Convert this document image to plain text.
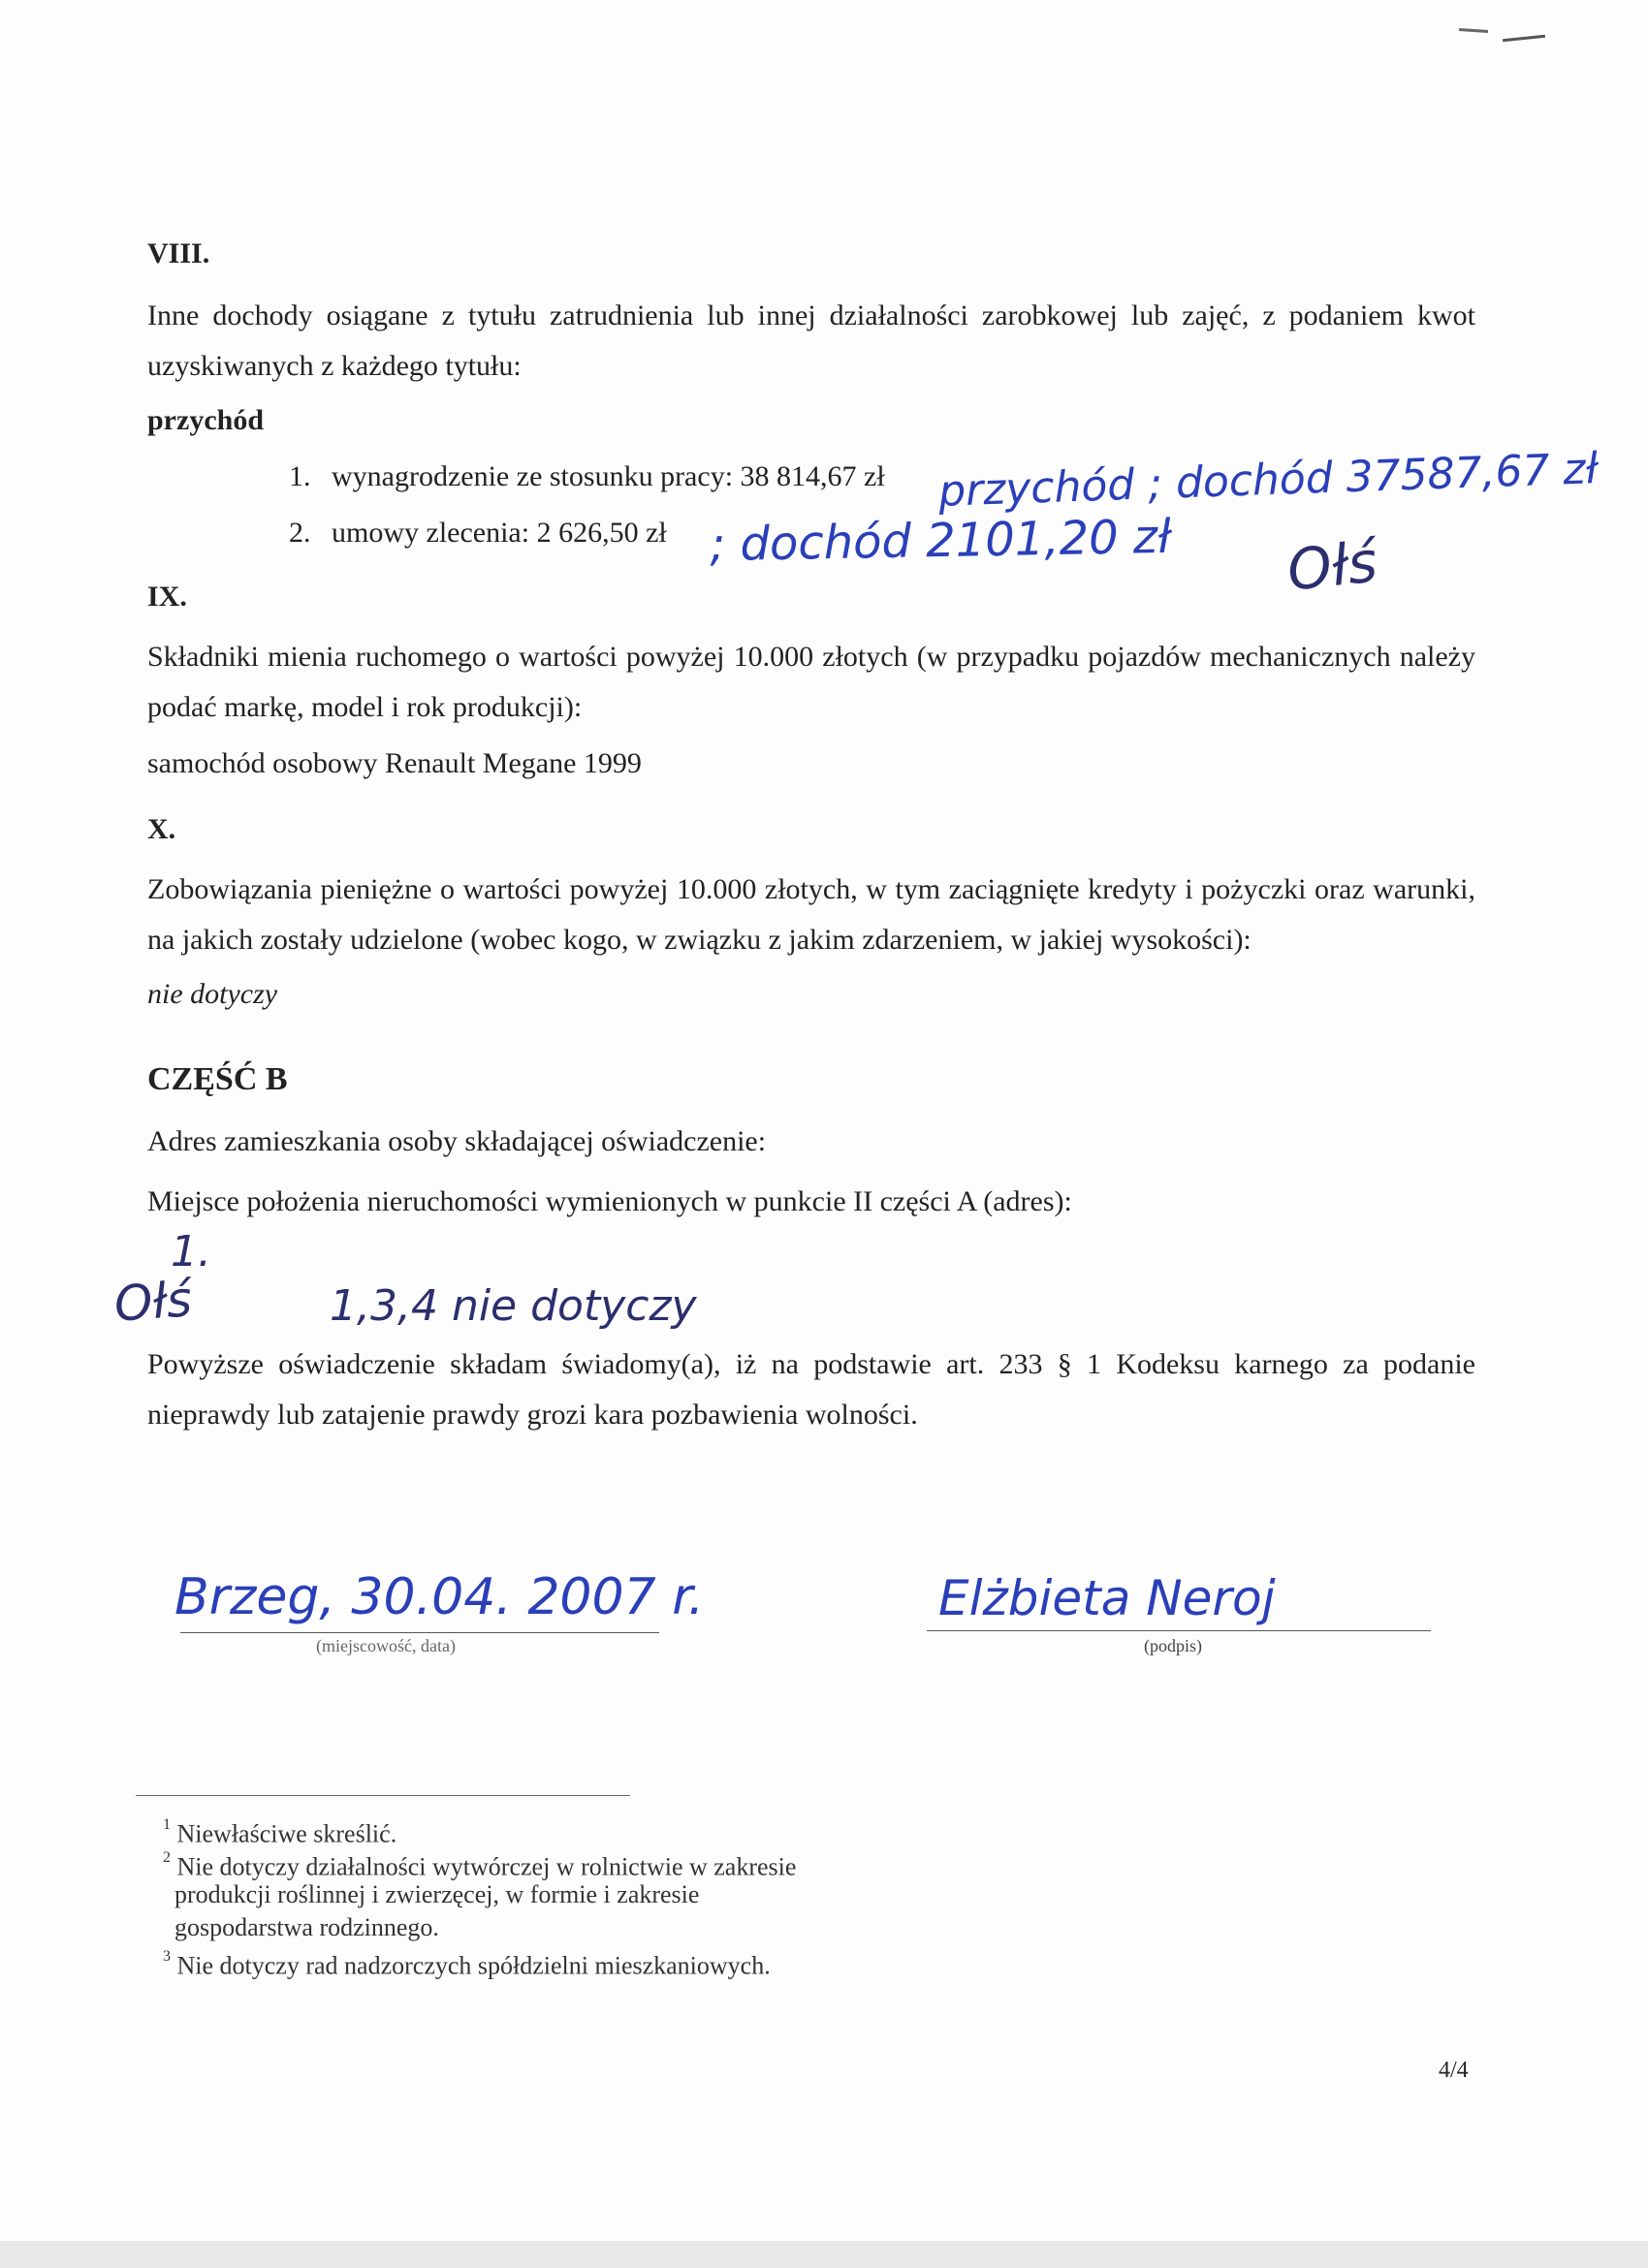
VIII.
Inne dochody osiągane z tytułu zatrudnienia lub innej działalności zarobkowej lub zajęć, z podaniem kwot uzyskiwanych z każdego tytułu:
przychód
1. wynagrodzenie ze stosunku pracy: 38 814,67 zł
2. umowy zlecenia: 2 626,50 zł
przychód ; dochód 37587,67 zł
; dochód 2101,20 zł Ołś
IX.
Składniki mienia ruchomego o wartości powyżej 10.000 złotych (w przypadku pojazdów mechanicznych należy podać markę, model i rok produkcji):
samochód osobowy Renault Megane 1999
X.
Zobowiązania pieniężne o wartości powyżej 10.000 złotych, w tym zaciągnięte kredyty i pożyczki oraz warunki, na jakich zostały udzielone (wobec kogo, w związku z jakim zdarzeniem, w jakiej wysokości):
nie dotyczy
CZĘŚĆ B
Adres zamieszkania osoby składającej oświadczenie:
Miejsce położenia nieruchomości wymienionych w punkcie II części A (adres):
1.
Ołś	1,3,4 nie dotyczy
Powyższe oświadczenie składam świadomy(a), iż na podstawie art. 233 § 1 Kodeksu karnego za podanie nieprawdy lub zatajenie prawdy grozi kara pozbawienia wolności.
Brzeg, 30.04. 2007 r.
(miejscowość, data)
Elżbieta Neroj
(podpis)
$^1$ Niewłaściwe skreślić.
$^2$ Nie dotyczy działalności wytwórczej w rolnictwie w zakresie
produkcji roślinnej i zwierzęcej, w formie i zakresie
gospodarstwa rodzinnego.
$^3$ Nie dotyczy rad nadzorczych spółdzielni mieszkaniowych.
4/4
